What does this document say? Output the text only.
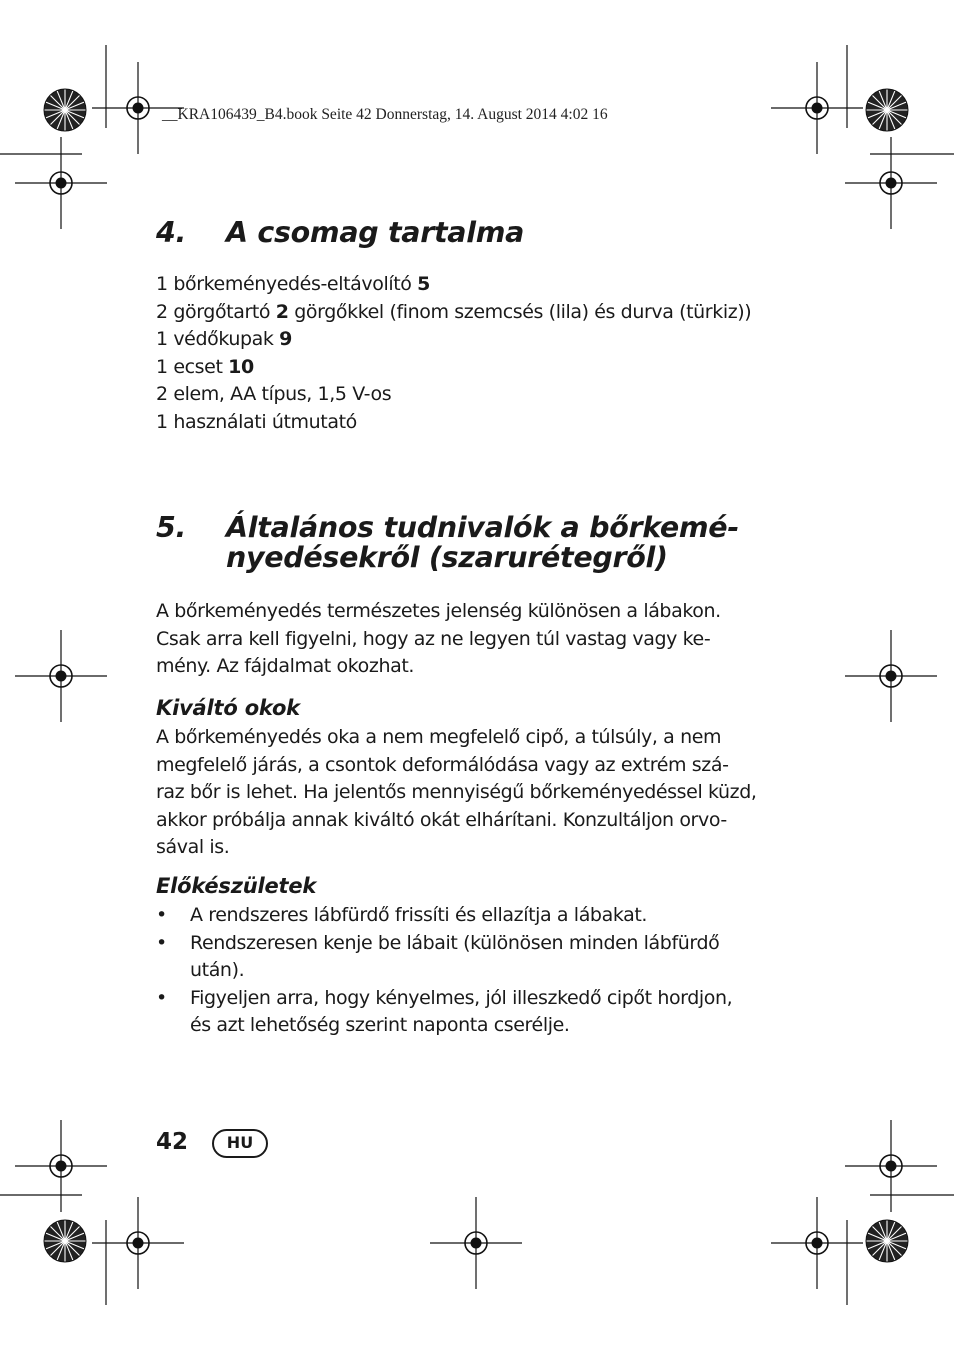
__KRA106439_B4.book Seite 42 Donnerstag, 14. August 2014 4:02 16
4. A csomag tartalma
1 bőrkeményedés-eltávolító 5
2 görgőtartó 2 görgőkkel (finom szemcsés (lila) és durva (türkiz))
1 védőkupak 9
1 ecset 10
2 elem, AA típus, 1,5 V-os
1 használati útmutató
5. Általános tudnivalók a bőrkemé-
nyedésekről (szarurétegről)

A bőrkeményedés természetes jelenség különösen a lábakon.
Csak arra kell figyelni, hogy az ne legyen túl vastag vagy ke-
mény. Az fájdalmat okozhat.

Kiváltó okok

A bőrkeményedés oka a nem megfelelő cipő, a túlsúly, a nem
megfelelő járás, a csontok deformálódása vagy az extrém szá-
raz bőr is lehet. Ha jelentős mennyiségű bőrkeményedéssel küzd,
akkor próbálja annak kiváltó okát elhárítani. Konzultáljon orvo-
sával is.

Előkészületek
• A rendszeres lábfürdő frissíti és ellazítja a lábakat.
• Rendszeresen kenje be lábait (különösen minden lábfürdő
után).
• Figyeljen arra, hogy kényelmes, jól illeszkedő cipőt hordjon,
és azt lehetőség szerint naponta cserélje.
42	HU
